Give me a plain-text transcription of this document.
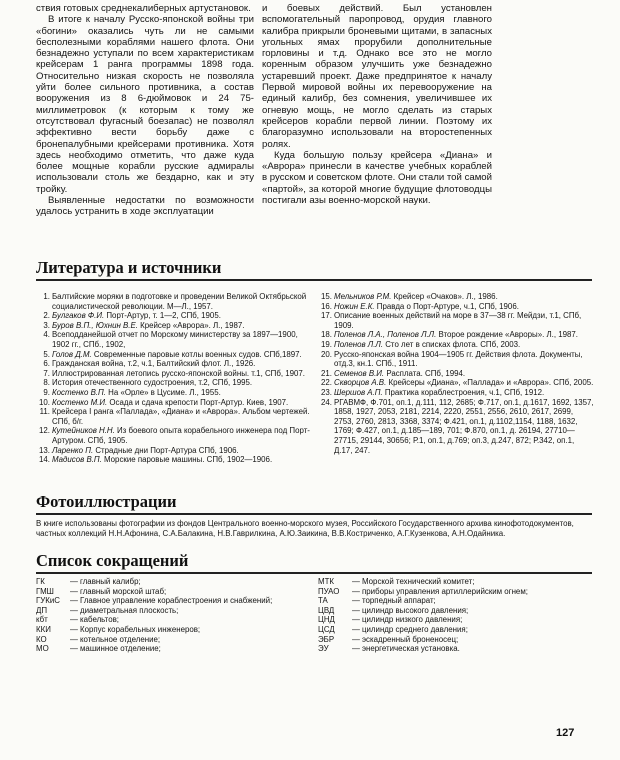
ствия готовых среднекалиберных артустановок.

В итоге к началу Русско-японской войны три «богини» оказались чуть ли не самыми бесполезными кораблями нашего флота. Они безнадежно уступали по всем характеристикам крейсерам 1 ранга программы 1898 года. Относительно низкая скорость не позволяла уйти более сильного противника, а состав вооружения из 8 6-дюймовок и 24 75-миллиметровок (к которым к тому же отсутствовал фугасный боезапас) не позволял эффективно вести борьбу даже с бронепалубными крейсерами противника. Хотя здесь необходимо отметить, что даже куда более мощные корабли русские адмиралы использовали столь же бездарно, как и эту тройку.

Выявленные недостатки по возможности удалось устранить в ходе эксплуатации

и боевых действий. Был установлен вспомогательный паропровод, орудия главного калибра прикрыли броневыми щитами, в запасных угольных ямах прорубили дополнительные горловины и т.д. Однако все это не могло коренным образом улучшить уже безнадежно устаревший проект. Даже предпринятое к началу Первой мировой войны их перевооружение на единый калибр, без сомнения, увеличившее их огневую мощь, не могло сделать из старых крейсеров корабли первой линии. Поэтому их благоразумно использовали на второстепенных ролях.

Куда большую пользу крейсера «Диана» и «Аврора» принесли в качестве учебных кораблей в русском и советском флоте. Они стали той самой «партой», за которой многие будущие флотоводцы постигали азы военно-морской науки.

Литература и источники
1. Балтийские моряки в подготовке и проведении Великой Октябрьской социалистической революции. М—Л., 1957.
2. Булгаков Ф.И. Порт-Артур, т. 1—2, СПб, 1905.
3. Буров В.П., Юхнин В.Е. Крейсер «Аврора». Л., 1987.
4. Всеподданейшой отчет по Морскому министерству за 1897—1900, 1902 гг., СПб., 1902,
5. Голов Д.М. Современные паровые котлы военных судов. СПб,1897.
6. Гражданская война, т.2, ч.1, Балтийский флот. Л., 1926.
7. Иллюстрированная летопись русско-японской войны. т.1, СПб, 1907.
8. История отечественного судостроения, т.2, СПб, 1995.
9. Костенко В.П. На «Орле» в Цусиме. Л., 1955.
10. Костенко М.И. Осада и сдача крепости Порт-Артур. Киев, 1907.
11. Крейсера I ранга «Паллада», «Диана» и «Аврора». Альбом чертежей. СПб, б/г.
12. Кутейников Н.Н. Из боевого опыта корабельного инженера под Порт-Артуром. СПб, 1905.
13. Ларенко П. Страдные дни Порт-Артура СПб, 1906.
14. Мадисов В.П. Морские паровые машины. СПб, 1902—1906.
15. Мельников Р.М. Крейсер «Очаков». Л., 1986.
16. Ножин Е.К. Правда о Порт-Артуре, ч.1, СПб, 1906.
17. Описание военных действий на море в 37—38 гг. Мейдзи, т.1, СПб, 1909.
18. Поленов Л.А., Поленов Л.Л. Второе рождение «Авроры». Л., 1987.
19. Поленов Л.Л. Сто лет в списках флота. СПб, 2003.
20. Русско-японская война 1904—1905 гг. Действия флота. Документы, отд.3, кн.1. СПб., 1911.
21. Семенов В.И. Расплата. СПб, 1994.
22. Скворцов А.В. Крейсеры «Диана», «Паллада» и «Аврора». СПб, 2005.
23. Шершов А.П. Практика кораблестроения, ч.1, СПб, 1912.
24. РГАВМФ, Ф.701, оп.1, д.111, 112, 2685; Ф.717, оп.1, д.1617, 1692, 1357, 1858, 1927, 2053, 2181, 2214, 2220, 2551, 2556, 2610, 2617, 2699, 2753, 2760, 2813, 3368, 3374; Ф.421, оп.1, д.1102,1154, 1188, 1632, 1769; Ф.427, оп.1, д.185—189, 701; Ф.870, оп.1, д. 26194, 27710—27715, 29144, 30656; Р.1, оп.1, д.769; оп.3, д.247, 872; Р.342, оп.1, Д.17, 247.
Фотоиллюстрации

В книге использованы фотографии из фондов Центрального военно-морского музея, Российского Государственного архива кинофотодокументов, частных коллекций Н.Н.Афонина, С.А.Балакина, Н.В.Гаврилкина, А.Ю.Заикина, В.В.Костриченко, А.Г.Кузенкова, А.Н.Одайника.

Список сокращений
ГК	— главный калибр;
ГМШ	— главный морской штаб;
ГУКиС	— Главное управление кораблестроения и снабжений;
ДП	— диаметральная плоскость;
кбт	— кабельтов;
ККИ	— Корпус корабельных инженеров;
КО	— котельное отделение;
МО	— машинное отделение;
МТК	— Морской технический комитет;
ПУАО	— приборы управления артиллерийским огнем;
ТА	— торпедный аппарат;
ЦВД	— цилиндр высокого давления;
ЦНД	— цилиндр низкого давления;
ЦСД	— цилиндр среднего давления;
ЭБР	— эскадренный броненосец;
ЭУ	— энергетическая установка.
127
